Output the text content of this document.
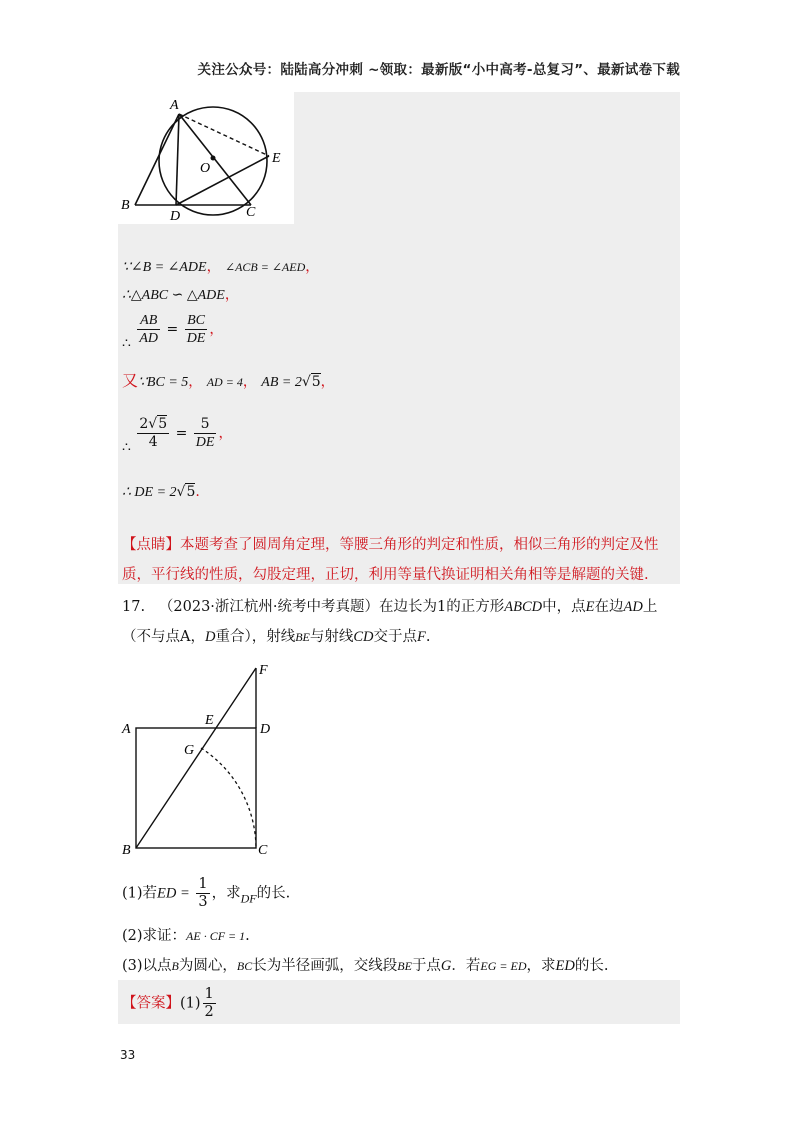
关注公众号：陆陆高分冲刺 ~领取：最新版“小中高考-总复习”、最新试卷下载
A
O
E
B
D	C
∵∠B = ∠ADE， ∠ACB = ∠AED，
∴△ABC ∽ △ADE，
∴ $\frac{AB}{AD} = \frac{BC}{DE}$ ，
又∵BC = 5， AD = 4， AB = 2√5，
∴ $\frac{2√5}{4} = \frac{5}{DE}$ ，
∴ DE = 2√5.
【点睛】本题考查了圆周角定理，等腰三角形的判定和性质，相似三角形的判定及性质，平行线的性质，勾股定理，正切，利用等量代换证明相关角相等是解题的关键.
17. （2023·浙江杭州·统考中考真题）在边长为1的正方形ABCD中，点E在边AD上（不与点A，D重合），射线BE与射线CD交于点F.
F
A
E
D
G
B	C
(1)若ED = $\frac{1}{3}$ ，求$_{DF}$的长.
(2)求证：AE · CF = 1.
(3)以点B为圆心，BC长为半径画弧，交线段BE于点G．若EG = ED，求ED的长.
【答案】$(1) \frac{1}{2}$
33
